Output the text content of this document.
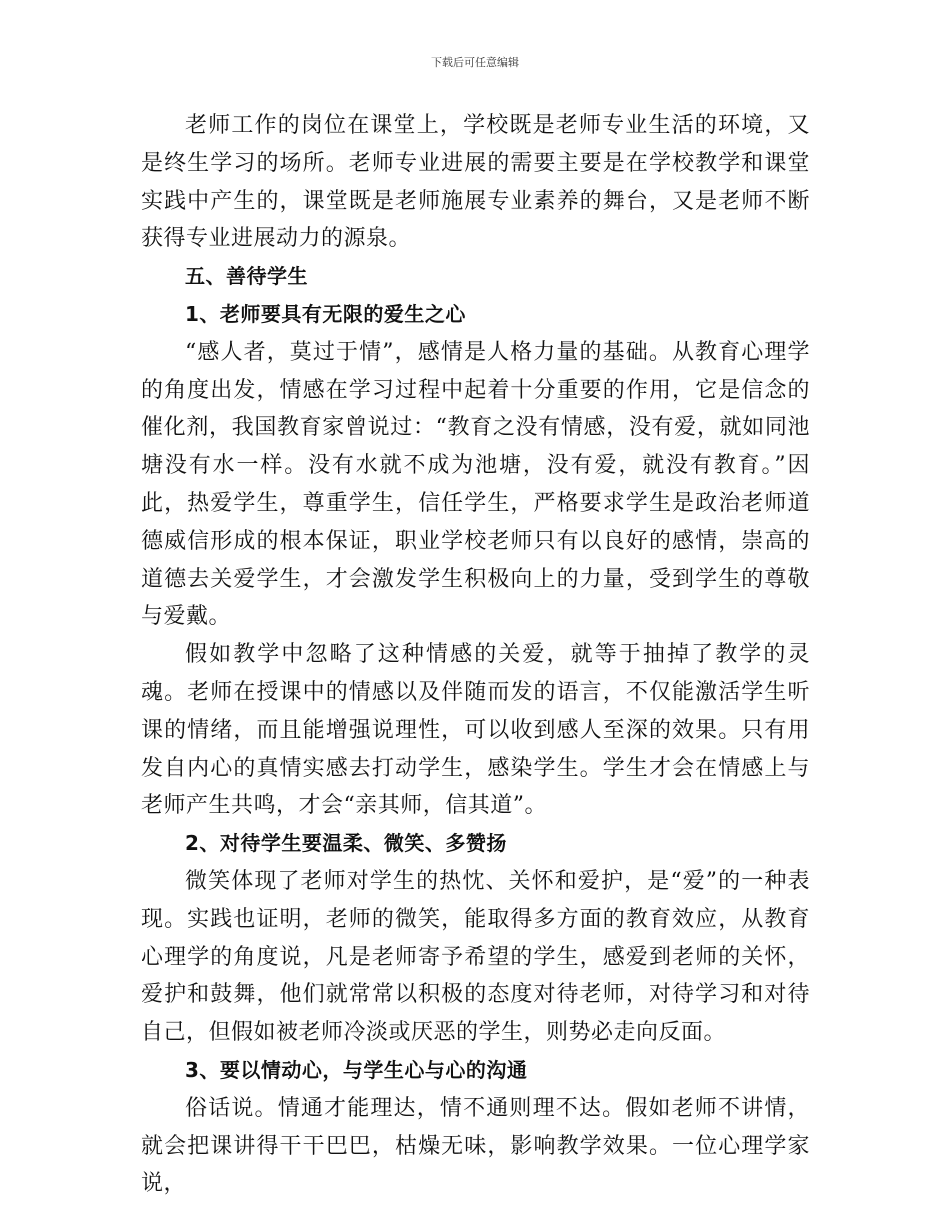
下载后可任意编辑

老师工作的岗位在课堂上，学校既是老师专业生活的环境，又是终生学习的场所。老师专业进展的需要主要是在学校教学和课堂实践中产生的，课堂既是老师施展专业素养的舞台，又是老师不断获得专业进展动力的源泉。

五、善待学生

1、老师要具有无限的爱生之心

“感人者，莫过于情”，感情是人格力量的基础。从教育心理学的角度出发，情感在学习过程中起着十分重要的作用，它是信念的催化剂，我国教育家曾说过：“教育之没有情感，没有爱，就如同池塘没有水一样。没有水就不成为池塘，没有爱，就没有教育。”因此，热爱学生，尊重学生，信任学生，严格要求学生是政治老师道德威信形成的根本保证，职业学校老师只有以良好的感情，崇高的道德去关爱学生，才会激发学生积极向上的力量，受到学生的尊敬与爱戴。

假如教学中忽略了这种情感的关爱，就等于抽掉了教学的灵魂。老师在授课中的情感以及伴随而发的语言，不仅能激活学生听课的情绪，而且能增强说理性，可以收到感人至深的效果。只有用发自内心的真情实感去打动学生，感染学生。学生才会在情感上与老师产生共鸣，才会“亲其师，信其道”。

2、对待学生要温柔、微笑、多赞扬

微笑体现了老师对学生的热忱、关怀和爱护，是“爱”的一种表现。实践也证明，老师的微笑，能取得多方面的教育效应，从教育心理学的角度说，凡是老师寄予希望的学生，感爱到老师的关怀，爱护和鼓舞，他们就常常以积极的态度对待老师，对待学习和对待自己，但假如被老师冷淡或厌恶的学生，则势必走向反面。

3、要以情动心，与学生心与心的沟通

俗话说。情通才能理达，情不通则理不达。假如老师不讲情，就会把课讲得干干巴巴，枯燥无味，影响教学效果。一位心理学家说，
